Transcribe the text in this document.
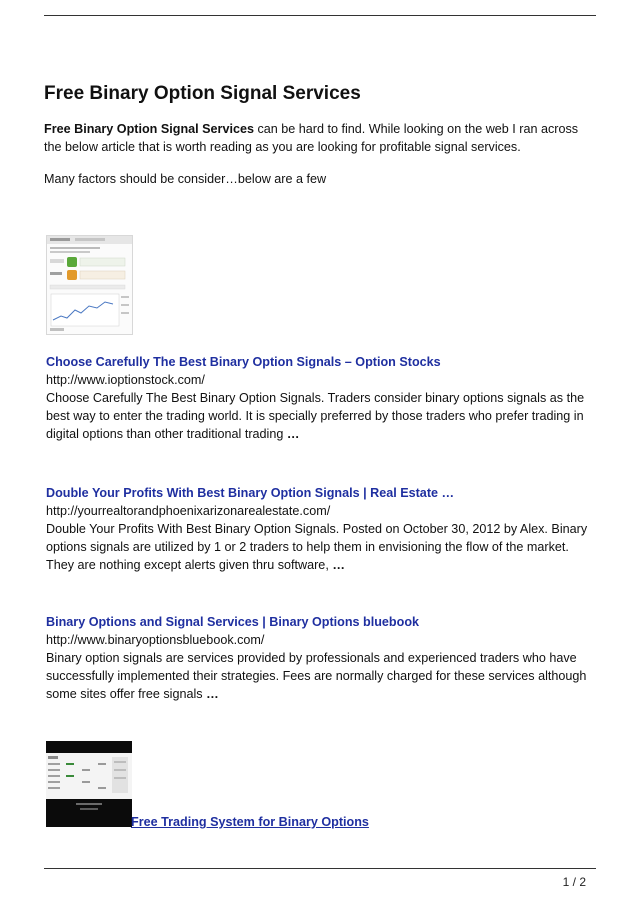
Free Binary Option Signal Services

Free Binary Option Signal Services can be hard to find. While looking on the web I ran across the below article that is worth reading as you are looking for profitable signal services.

Many factors should be consider…below are a few

Choose Carefully The Best Binary Option Signals – Option Stocks
http://www.ioptionstock.com/
Choose Carefully The Best Binary Option Signals. Traders consider binary options signals as the best way to enter the trading world. It is specially preferred by those traders who prefer trading in digital options than other traditional trading …
Double Your Profits With Best Binary Option Signals | Real Estate …
http://yourrealtorandphoenixarizonarealestate.com/
Double Your Profits With Best Binary Option Signals. Posted on October 30, 2012 by Alex. Binary options signals are utilized by 1 or 2 traders to help them in envisioning the flow of the market. They are nothing except alerts given thru software, …
Binary Options and Signal Services | Binary Options bluebook
http://www.binaryoptionsbluebook.com/
Binary option signals are services provided by professionals and experienced traders who have successfully implemented their strategies. Fees are normally charged for these services although some sites offer free signals …
Free Trading System for Binary Options
1 / 2
